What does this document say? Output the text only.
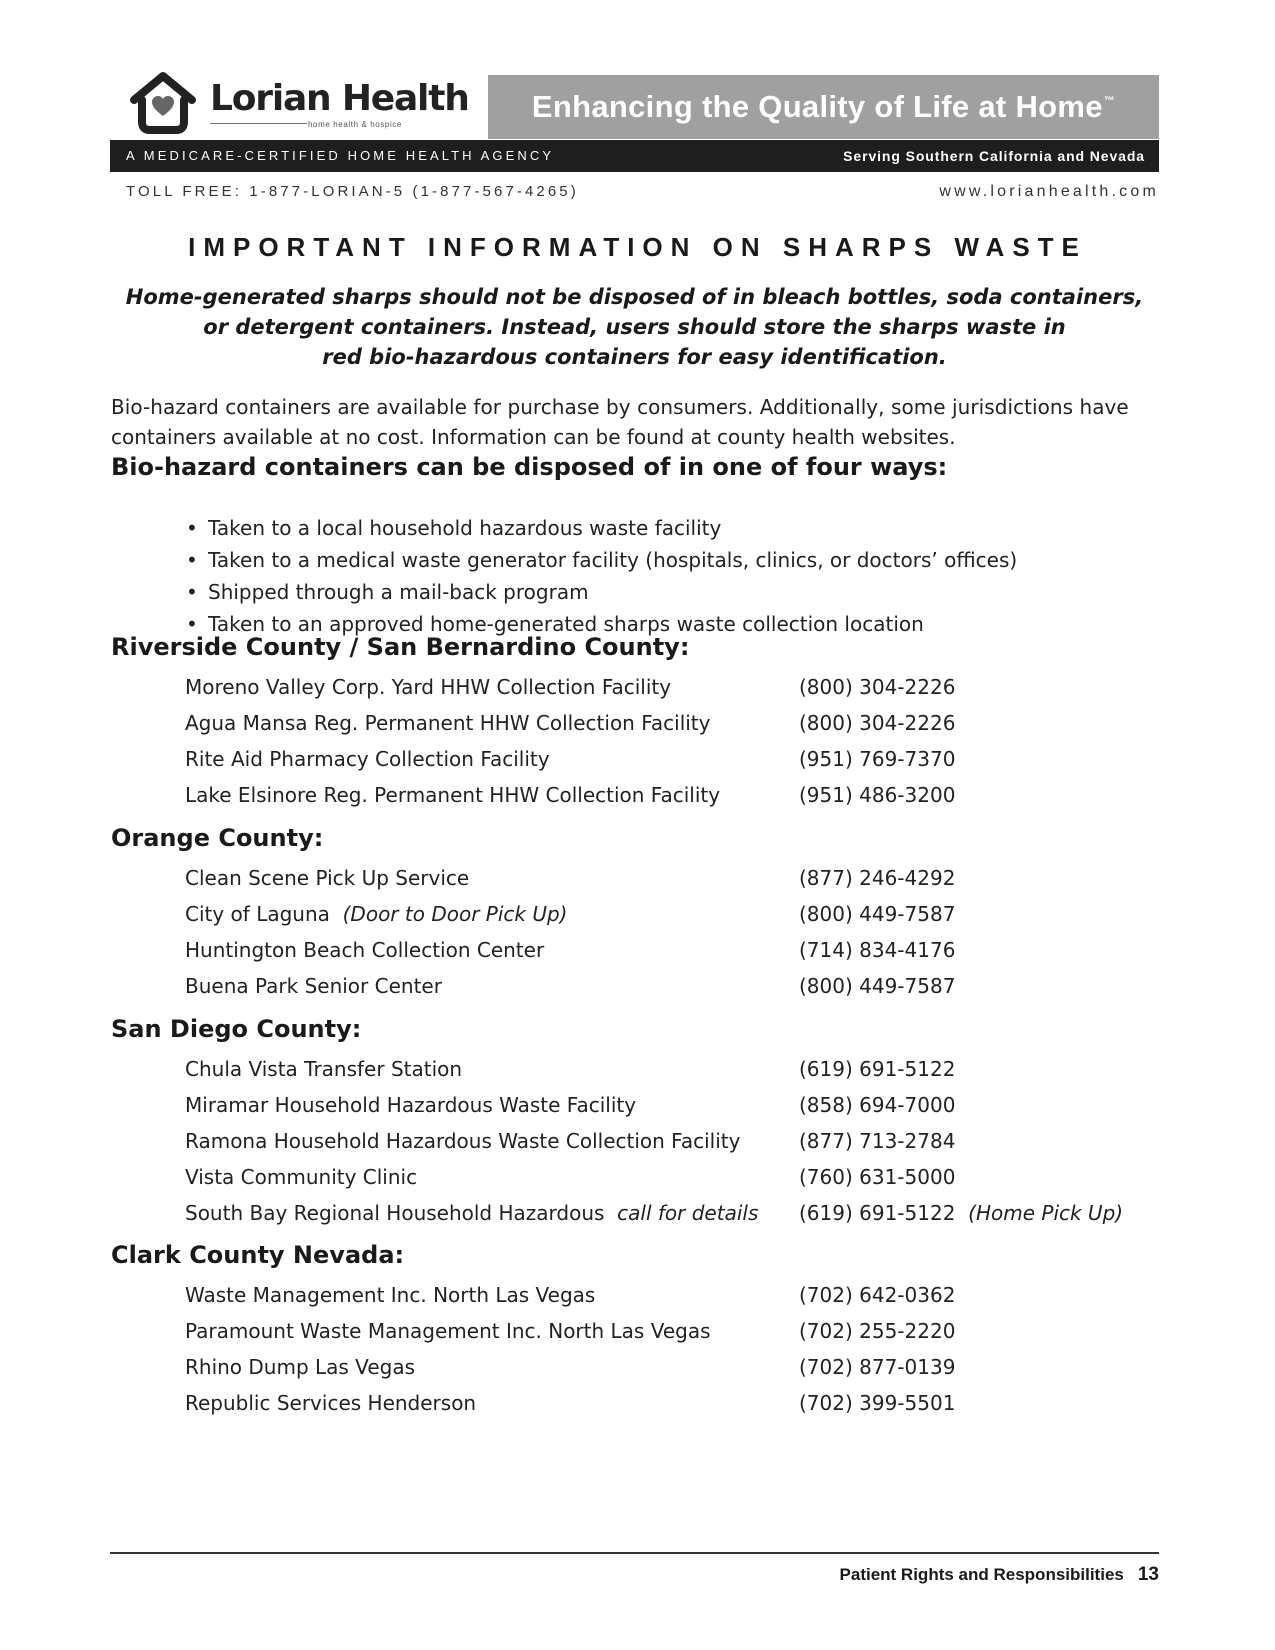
Lorian Health
home health & hospice
Enhancing the Quality of Life at Home™
A MEDICARE-CERTIFIED HOME HEALTH AGENCY	Serving Southern California and Nevada
TOLL FREE: 1-877-LORIAN-5 (1-877-567-4265)	www.lorianhealth.com
IMPORTANT INFORMATION ON SHARPS WASTE
Home-generated sharps should not be disposed of in bleach bottles, soda containers,
or detergent containers. Instead, users should store the sharps waste in
red bio-hazardous containers for easy identification.
Bio-hazard containers are available for purchase by consumers. Additionally, some jurisdictions have
containers available at no cost. Information can be found at county health websites.
Bio-hazard containers can be disposed of in one of four ways:
• Taken to a local household hazardous waste facility
• Taken to a medical waste generator facility (hospitals, clinics, or doctors’ offices)
• Shipped through a mail-back program
• Taken to an approved home-generated sharps waste collection location
Riverside County / San Bernardino County:
Moreno Valley Corp. Yard HHW Collection Facility	(800) 304-2226
Agua Mansa Reg. Permanent HHW Collection Facility	(800) 304-2226
Rite Aid Pharmacy Collection Facility	(951) 769-7370
Lake Elsinore Reg. Permanent HHW Collection Facility	(951) 486-3200
Orange County:
Clean Scene Pick Up Service	(877) 246-4292
City of Laguna (Door to Door Pick Up)	(800) 449-7587
Huntington Beach Collection Center	(714) 834-4176
Buena Park Senior Center	(800) 449-7587
San Diego County:
Chula Vista Transfer Station	(619) 691-5122
Miramar Household Hazardous Waste Facility	(858) 694-7000
Ramona Household Hazardous Waste Collection Facility	(877) 713-2784
Vista Community Clinic	(760) 631-5000
South Bay Regional Household Hazardous call for details (619) 691-5122 (Home Pick Up)
Clark County Nevada:
Waste Management Inc. North Las Vegas	(702) 642-0362
Paramount Waste Management Inc. North Las Vegas	(702) 255-2220
Rhino Dump Las Vegas	(702) 877-0139
Republic Services Henderson	(702) 399-5501
Patient Rights and Responsibilities 13
